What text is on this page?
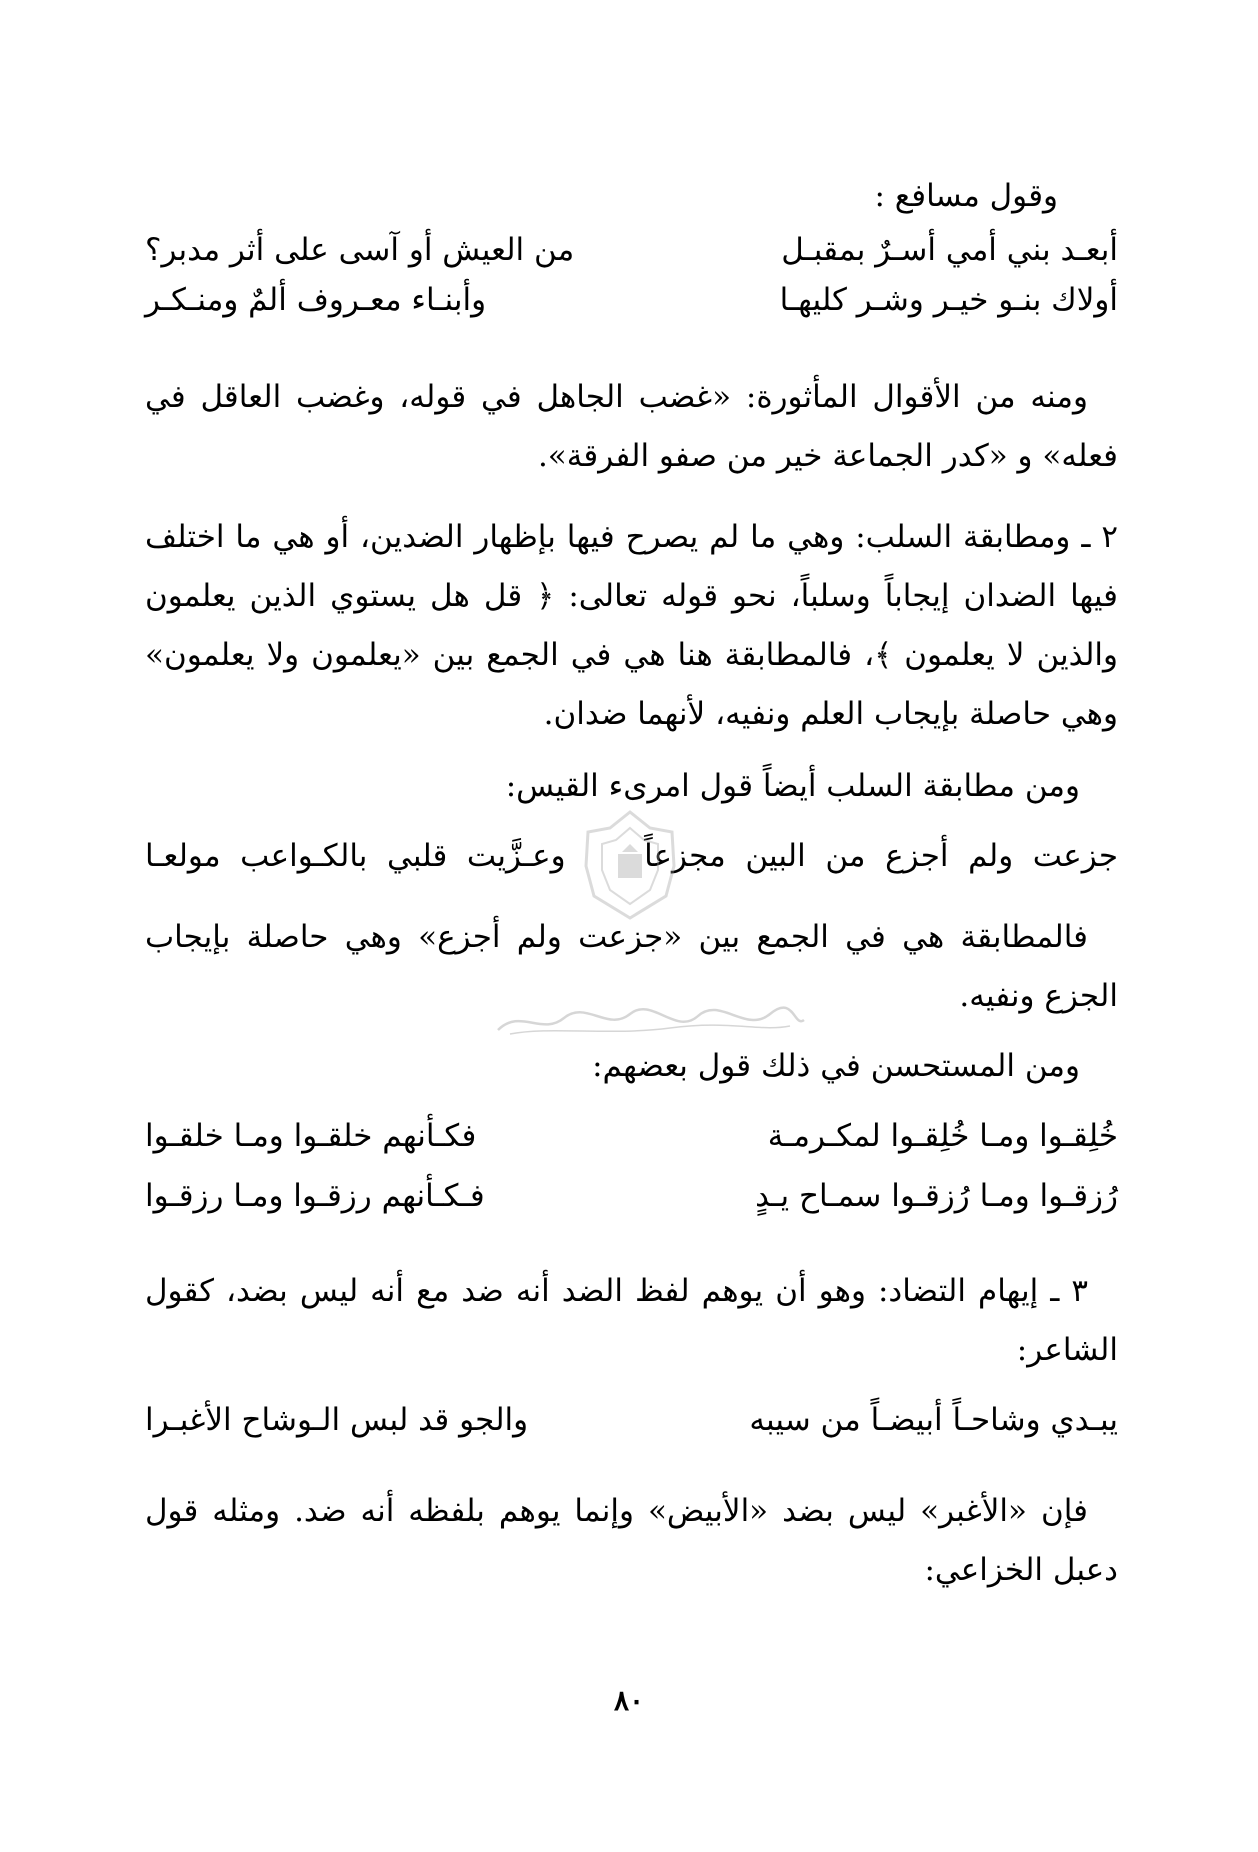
وقول مسافع :
أبعـد بني أمي أسـرٌ بمقبـل
من العيش أو آسى على أثر مدبر؟
أولاك بنـو خيـر وشـر كليهـا
وأبنـاء معـروف ألمٌ ومنـكـر
ومنه من الأقوال المأثورة: «غضب الجاهل في قوله، وغضب العاقل في فعله» و «كدر الجماعة خير من صفو الفرقة».
٢ ـ ومطابقة السلب: وهي ما لم يصرح فيها بإظهار الضدين، أو هي ما اختلف فيها الضدان إيجاباً وسلباً، نحو قوله تعالى: ﴿ قل هل يستوي الذين يعلمون والذين لا يعلمون ﴾، فالمطابقة هنا هي في الجمع بين «يعلمون ولا يعلمون» وهي حاصلة بإيجاب العلم ونفيه، لأنهما ضدان.
ومن مطابقة السلب أيضاً قول امرىء القيس:
جزعت ولم أجزع من البين مجزعاً    وعـزَّيت قلبي بالكـواعب مولعـا
فالمطابقة هي في الجمع بين «جزعت ولم أجزع» وهي حاصلة بإيجاب الجزع ونفيه.
ومن المستحسن في ذلك قول بعضهم:
خُلِقـوا ومـا خُلِقـوا لمكـرمـة
فكـأنهم خلقـوا ومـا خلقـوا
رُزقـوا ومـا رُزقـوا سمـاح يـدٍ
فـكـأنهم رزقـوا ومـا رزقـوا
٣ ـ إيهام التضاد: وهو أن يوهم لفظ الضد أنه ضد مع أنه ليس بضد، كقول الشاعر:
يبـدي وشاحـاً أبيضـاً من سيبه
والجو قد لبس الـوشاح الأغبـرا
فإن «الأغبر» ليس بضد «الأبيض» وإنما يوهم بلفظه أنه ضد. ومثله قول دعبل الخزاعي:
٨٠
